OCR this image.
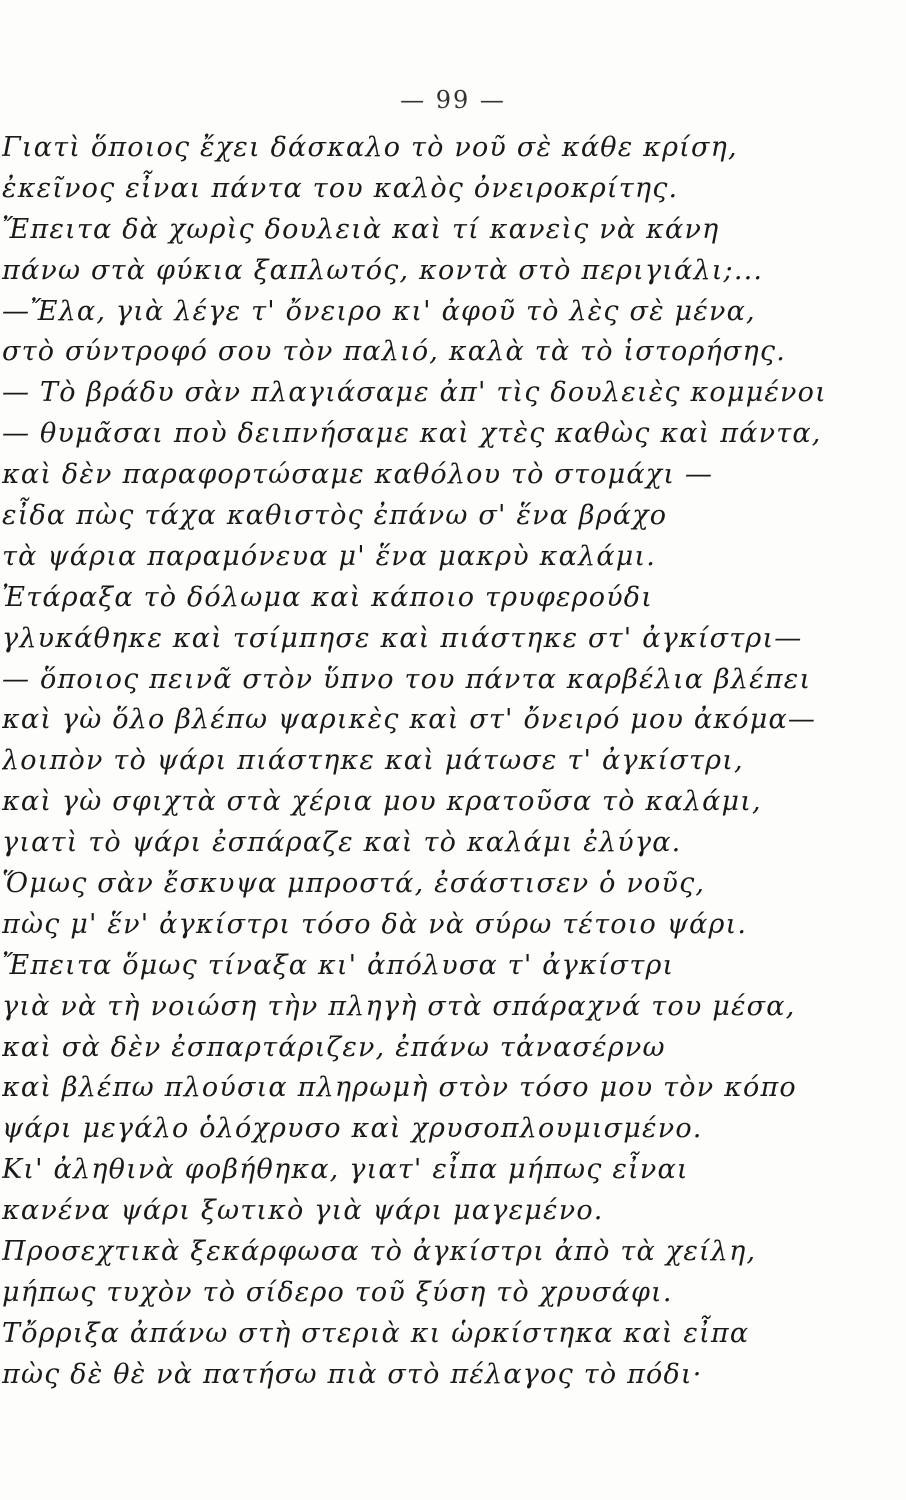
— 99 —
Γιατὶ ὅποιος ἔχει δάσκαλο τὸ νοῦ σὲ κάθε κρίση,
ἐκεῖνος εἶναι πάντα του καλὸς ὀνειροκρίτης.
Ἔπειτα δὰ χωρὶς δουλειὰ καὶ τί κανεὶς νὰ κάνη
πάνω στὰ φύκια ξαπλωτός, κοντὰ στὸ περιγιάλι;...
—Ἔλα, γιὰ λέγε τ' ὄνειρο κι' ἀφοῦ τὸ λὲς σὲ μένα,
στὸ σύντροφό σου τὸν παλιό, καλὰ τὰ τὸ ἱστορήσης.
— Τὸ βράδυ σὰν πλαγιάσαμε ἀπ' τὶς δουλειὲς κομμένοι
— θυμᾶσαι ποὺ δειπνήσαμε καὶ χτὲς καθὼς καὶ πάντα,
καὶ δὲν παραφορτώσαμε καθόλου τὸ στομάχι —
εἶδα πὼς τάχα καθιστὸς ἐπάνω σ' ἕνα βράχο
τὰ ψάρια παραμόνευα μ' ἕνα μακρὺ καλάμι.
Ἐτάραξα τὸ δόλωμα καὶ κάποιο τρυφερούδι
γλυκάθηκε καὶ τσίμπησε καὶ πιάστηκε στ' ἀγκίστρι—
— ὅποιος πεινᾶ στὸν ὕπνο του πάντα καρβέλια βλέπει
καὶ γὼ ὅλο βλέπω ψαρικὲς καὶ στ' ὄνειρό μου ἀκόμα—
λοιπὸν τὸ ψάρι πιάστηκε καὶ μάτωσε τ' ἀγκίστρι,
καὶ γὼ σφιχτὰ στὰ χέρια μου κρατοῦσα τὸ καλάμι,
γιατὶ τὸ ψάρι ἐσπάραζε καὶ τὸ καλάμι ἐλύγα.
Ὅμως σὰν ἔσκυψα μπροστά, ἐσάστισεν ὁ νοῦς,
πὼς μ' ἕν' ἀγκίστρι τόσο δὰ νὰ σύρω τέτοιο ψάρι.
Ἔπειτα ὅμως τίναξα κι' ἀπόλυσα τ' ἀγκίστρι
γιὰ νὰ τὴ νοιώση τὴν πληγὴ στὰ σπάραχνά του μέσα,
καὶ σὰ δὲν ἐσπαρτάριζεν, ἐπάνω τἀνασέρνω
καὶ βλέπω πλούσια πληρωμὴ στὸν τόσο μου τὸν κόπο
ψάρι μεγάλο ὁλόχρυσο καὶ χρυσοπλουμισμένο.
Κι' ἀληθινὰ φοβήθηκα, γιατ' εἶπα μήπως εἶναι
κανένα ψάρι ξωτικὸ γιὰ ψάρι μαγεμένο.
Προσεχτικὰ ξεκάρφωσα τὸ ἀγκίστρι ἀπὸ τὰ χείλη,
μήπως τυχὸν τὸ σίδερο τοῦ ξύση τὸ χρυσάφι.
Τὄρριξα ἀπάνω στὴ στεριὰ κι ὡρκίστηκα καὶ εἶπα
πὼς δὲ θὲ νὰ πατήσω πιὰ στὸ πέλαγος τὸ πόδι·
